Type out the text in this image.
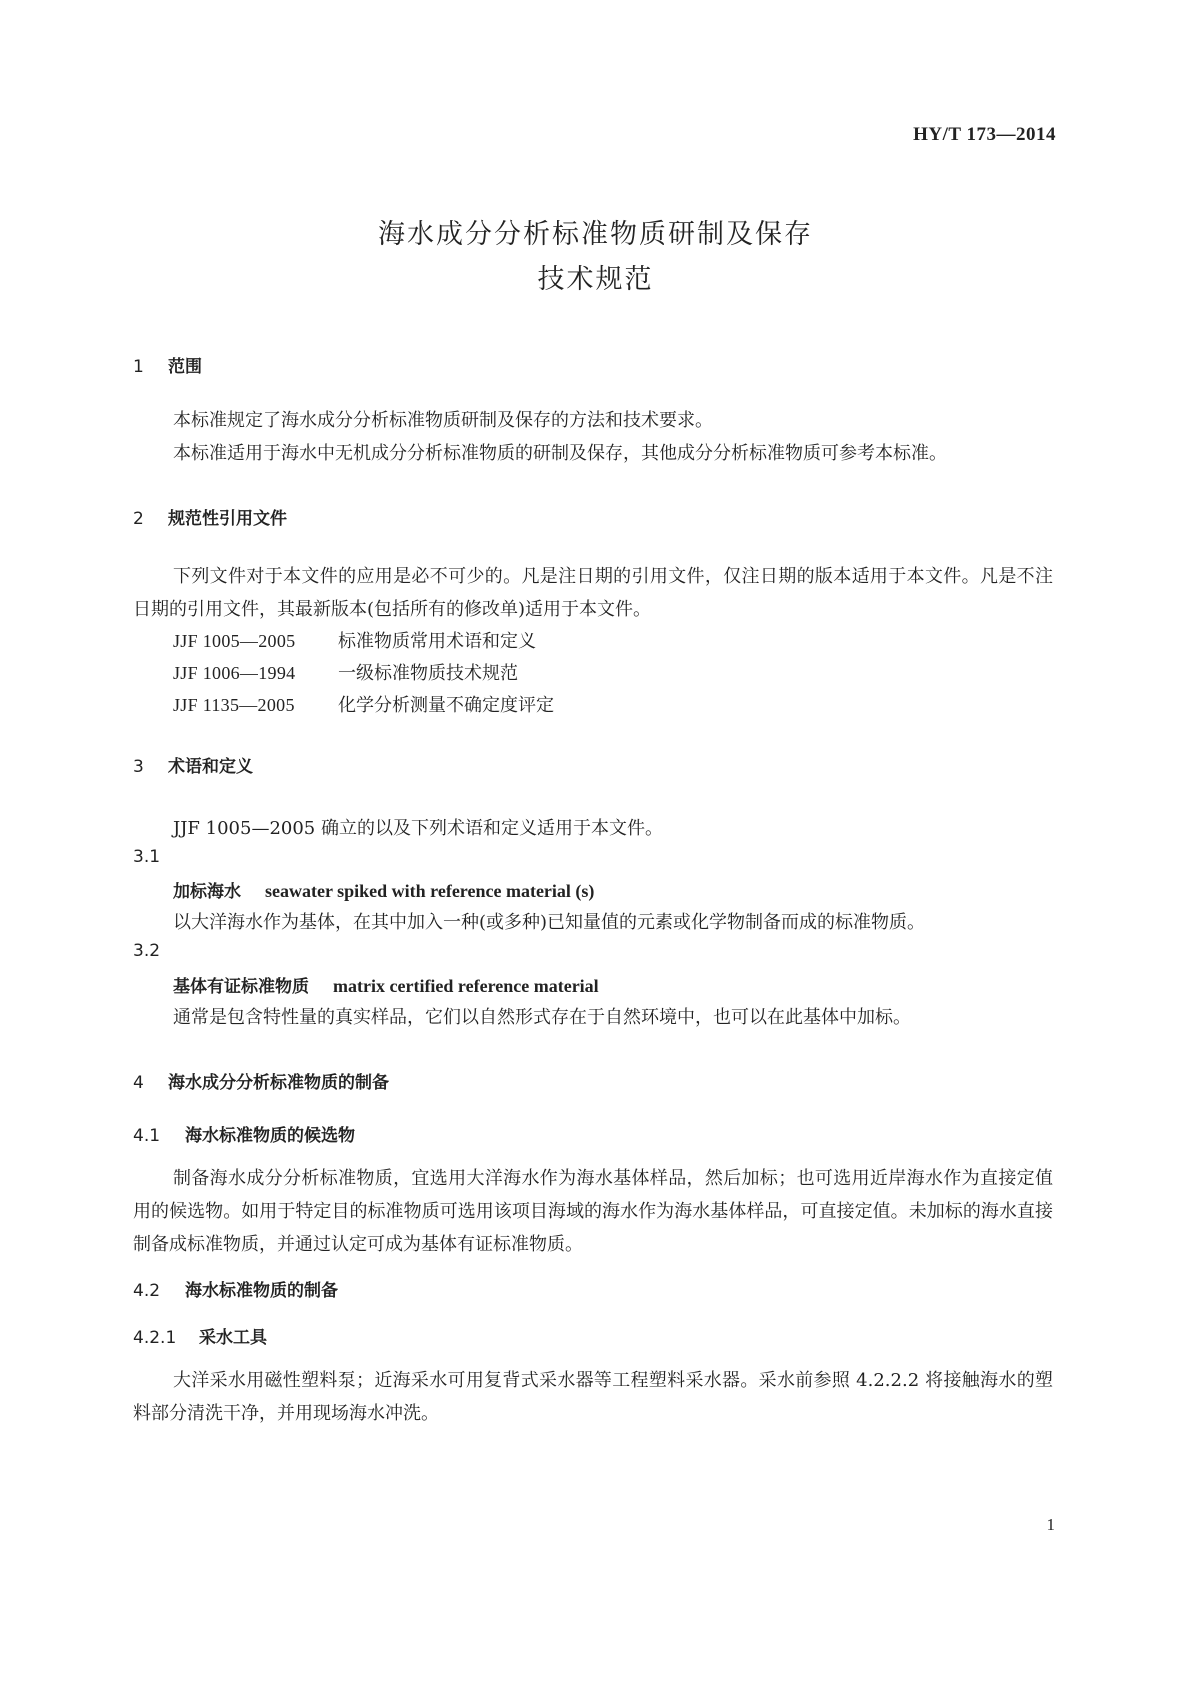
HY/T 173—2014
海水成分分析标准物质研制及保存
技术规范
1 范围

本标准规定了海水成分分析标准物质研制及保存的方法和技术要求。

本标准适用于海水中无机成分分析标准物质的研制及保存，其他成分分析标准物质可参考本标准。

2 规范性引用文件

下列文件对于本文件的应用是必不可少的。凡是注日期的引用文件，仅注日期的版本适用于本文件。凡是不注日期的引用文件，其最新版本(包括所有的修改单)适用于本文件。

JJF 1005—2005 标准物质常用术语和定义
JJF 1006—1994 一级标准物质技术规范
JJF 1135—2005 化学分析测量不确定度评定
3 术语和定义
JJF 1005—2005 确立的以及下列术语和定义适用于本文件。
3.1
加标海水 seawater spiked with reference material (s)
以大洋海水作为基体，在其中加入一种(或多种)已知量值的元素或化学物制备而成的标准物质。
3.2
基体有证标准物质 matrix certified reference material
通常是包含特性量的真实样品，它们以自然形式存在于自然环境中，也可以在此基体中加标。
4 海水成分分析标准物质的制备
4.1 海水标准物质的候选物

制备海水成分分析标准物质，宜选用大洋海水作为海水基体样品，然后加标；也可选用近岸海水作为直接定值用的候选物。如用于特定目的标准物质可选用该项目海域的海水作为海水基体样品，可直接定值。未加标的海水直接制备成标准物质，并通过认定可成为基体有证标准物质。

4.2 海水标准物质的制备
4.2.1 采水工具

大洋采水用磁性塑料泵；近海采水可用复背式采水器等工程塑料采水器。采水前参照 4.2.2.2 将接触海水的塑料部分清洗干净，并用现场海水冲洗。

1
